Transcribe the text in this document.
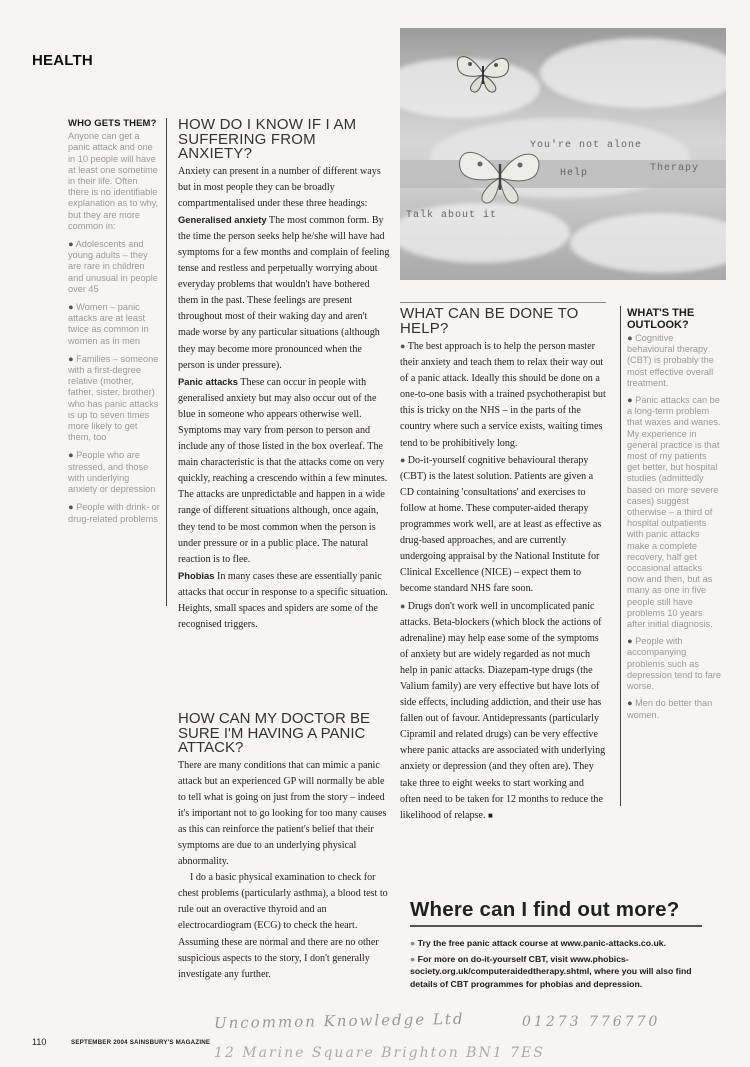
HEALTH
WHO GETS THEM?

Anyone can get a panic attack and one in 10 people will have at least one sometime in their life. Often there is no identifiable explanation as to why, but they are more common in:

● Adolescents and young adults – they are rare in children and unusual in people over 45

● Women – panic attacks are at least twice as common in women as in men

● Families – someone with a first-degree relative (mother, father, sister, brother) who has panic attacks is up to seven times more likely to get them, too

● People who are stressed, and those with underlying anxiety or depression

● People with drink- or drug-related problems

HOW DO I KNOW IF I AM SUFFERING FROM ANXIETY?

Anxiety can present in a number of different ways but in most people they can be broadly compartmentalised under these three headings:

Generalised anxiety The most common form. By the time the person seeks help he/she will have had symptoms for a few months and complain of feeling tense and restless and perpetually worrying about everyday problems that wouldn't have bothered them in the past. These feelings are present throughout most of their waking day and aren't made worse by any particular situations (although they may become more pronounced when the person is under pressure).

Panic attacks These can occur in people with generalised anxiety but may also occur out of the blue in someone who appears otherwise well. Symptoms may vary from person to person and include any of those listed in the box overleaf. The main characteristic is that the attacks come on very quickly, reaching a crescendo within a few minutes. The attacks are unpredictable and happen in a wide range of different situations although, once again, they tend to be most common when the person is under pressure or in a public place. The natural reaction is to flee.

Phobias In many cases these are essentially panic attacks that occur in response to a specific situation. Heights, small spaces and spiders are some of the recognised triggers.

HOW CAN MY DOCTOR BE SURE I'M HAVING A PANIC ATTACK?

There are many conditions that can mimic a panic attack but an experienced GP will normally be able to tell what is going on just from the story – indeed it's important not to go looking for too many causes as this can reinforce the patient's belief that their symptoms are due to an underlying physical abnormality.

I do a basic physical examination to check for chest problems (particularly asthma), a blood test to rule out an overactive thyroid and an electrocardiogram (ECG) to check the heart. Assuming these are normal and there are no other suspicious aspects to the story, I don't generally investigate any further.

You're not alone
Help	Therapy
Talk about it
WHAT CAN BE DONE TO HELP?

● The best approach is to help the person master their anxiety and teach them to relax their way out of a panic attack. Ideally this should be done on a one-to-one basis with a trained psychotherapist but this is tricky on the NHS – in the parts of the country where such a service exists, waiting times tend to be prohibitively long.

● Do-it-yourself cognitive behavioural therapy (CBT) is the latest solution. Patients are given a CD containing 'consultations' and exercises to follow at home. These computer-aided therapy programmes work well, are at least as effective as drug-based approaches, and are currently undergoing appraisal by the National Institute for Clinical Excellence (NICE) – expect them to become standard NHS fare soon.

● Drugs don't work well in uncomplicated panic attacks. Beta-blockers (which block the actions of adrenaline) may help ease some of the symptoms of anxiety but are widely regarded as not much help in panic attacks. Diazepam-type drugs (the Valium family) are very effective but have lots of side effects, including addiction, and their use has fallen out of favour. Antidepressants (particularly Cipramil and related drugs) can be very effective where panic attacks are associated with underlying anxiety or depression (and they often are). They take three to eight weeks to start working and often need to be taken for 12 months to reduce the likelihood of relapse. ■

WHAT'S THE OUTLOOK?

● Cognitive behavioural therapy (CBT) is probably the most effective overall treatment.

● Panic attacks can be a long-term problem that waxes and wanes. My experience in general practice is that most of my patients get better, but hospital studies (admittedly based on more severe cases) suggest otherwise – a third of hospital outpatients with panic attacks make a complete recovery, half get occasional attacks now and then, but as many as one in five people still have problems 10 years after initial diagnosis.

● People with accompanying problems such as depression tend to fare worse.

● Men do better than women.

Where can I find out more?

● Try the free panic attack course at www.panic-attacks.co.uk.

● For more on do-it-yourself CBT, visit www.phobics-society.org.uk/computeraidedtherapy.shtml, where you will also find details of CBT programmes for phobias and depression.

110	SEPTEMBER 2004 SAINSBURY'S MAGAZINE
Uncommon Knowledge Ltd	01273 776770
12 Marine Square Brighton BN1 7ES
